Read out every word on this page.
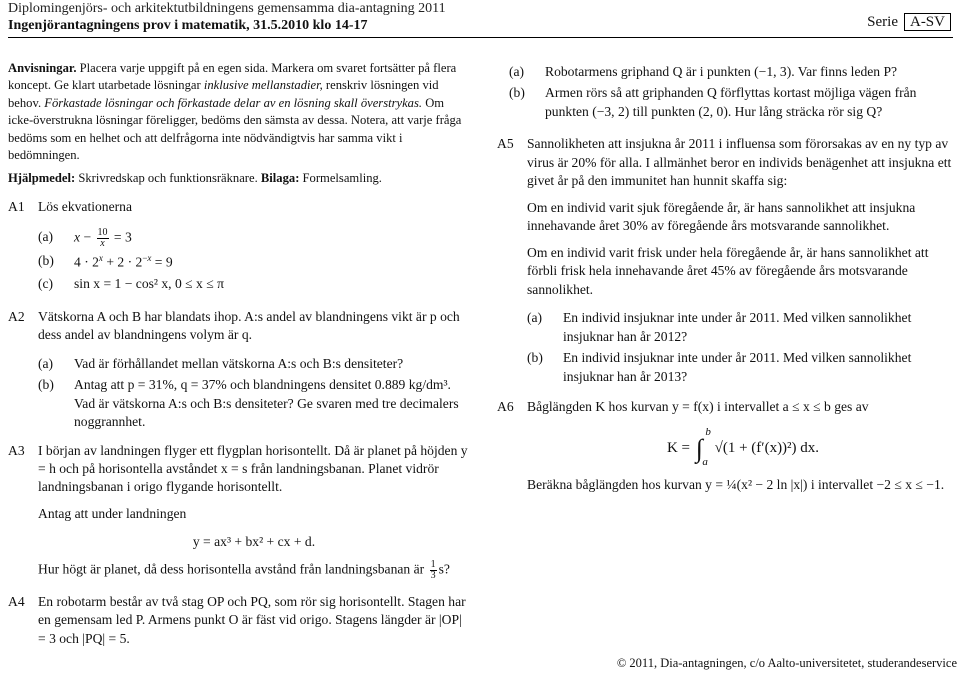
Diplomingenjörs- och arkitektutbildningens gemensamma dia-antagning 2011
Ingenjörantagningens prov i matematik, 31.5.2010 klo 14-17	Serie A-SV
Anvisningar. Placera varje uppgift på en egen sida. Markera om svaret fortsätter på flera koncept. Ge klart utarbetade lösningar inklusive mellanstadier, renskriv lösningen vid behov. Förkastade lösningar och förkastade delar av en lösning skall överstrykas. Om icke-överstrukna lösningar föreligger, bedöms den sämsta av dessa. Notera, att varje fråga bedöms som en helhet och att delfrågorna inte nödvändigtvis har samma vikt i bedömningen.
Hjälpmedel: Skrivredskap och funktionsräknare. Bilaga: Formelsamling.
A1 Lös ekvationerna
(a) $x - \frac{10}{x} = 3$
(b) $4 \cdot 2^x + 2 \cdot 2^{-x} = 9$
(c) sin x = 1 − cos² x, 0 ≤ x ≤ π
A2 Vätskorna A och B har blandats ihop. A:s andel av blandningens vikt är p och dess andel av blandningens volym är q.
(a) Vad är förhållandet mellan vätskorna A:s och B:s densiteter?
(b) Antag att p = 31%, q = 37% och blandningens densitet 0.889 kg/dm³. Vad är vätskorna A:s och B:s densiteter? Ge svaren med tre decimalers noggrannhet.
A3 I början av landningen flyger ett flygplan horisontellt. Då är planet på höjden y = h och på horisontella avståndet x = s från landningsbanan. Planet vidrör landningsbanan i origo flygande horisontellt.
Antag att under landningen
y = ax³ + bx² + cx + d.
Hur högt är planet, då dess horisontella avstånd från landningsbanan är $\frac{1}{3} s$?
A4 En robotarm består av två stag OP och PQ, som rör sig horisontellt. Stagen har en gemensam led P. Armens punkt O är fäst vid origo. Stagens längder är |OP| = 3 och |PQ| = 5.
(a) Robotarmens griphand Q är i punkten (−1, 3). Var finns leden P?
(b) Armen rörs så att griphanden Q förflyttas kortast möjliga vägen från punkten (−3, 2) till punkten (2, 0). Hur lång sträcka rör sig Q?
A5 Sannolikheten att insjukna år 2011 i influensa som förorsakas av en ny typ av virus är 20% för alla. I allmänhet beror en individs benägenhet att insjukna ett givet år på den immunitet han hunnit skaffa sig:
Om en individ varit sjuk föregående år, är hans sannolikhet att insjukna innehavande året 30% av föregående års motsvarande sannolikhet.
Om en individ varit frisk under hela föregående år, är hans sannolikhet att förbli frisk hela innehavande året 45% av föregående års motsvarande sannolikhet.
(a) En individ insjuknar inte under år 2011. Med vilken sannolikhet insjuknar han år 2012?
(b) En individ insjuknar inte under år 2011. Med vilken sannolikhet insjuknar han år 2013?
A6 Båglängden K hos kurvan y = f(x) i intervallet a ≤ x ≤ b ges av
K = ∫
b
a
√(1 + (f′(x))²) dx.
Beräkna båglängden hos kurvan y = ¼(x² − 2 ln |x|) i intervallet −2 ≤ x ≤ −1.
© 2011, Dia-antagningen, c/o Aalto-universitetet, studerandeservice
